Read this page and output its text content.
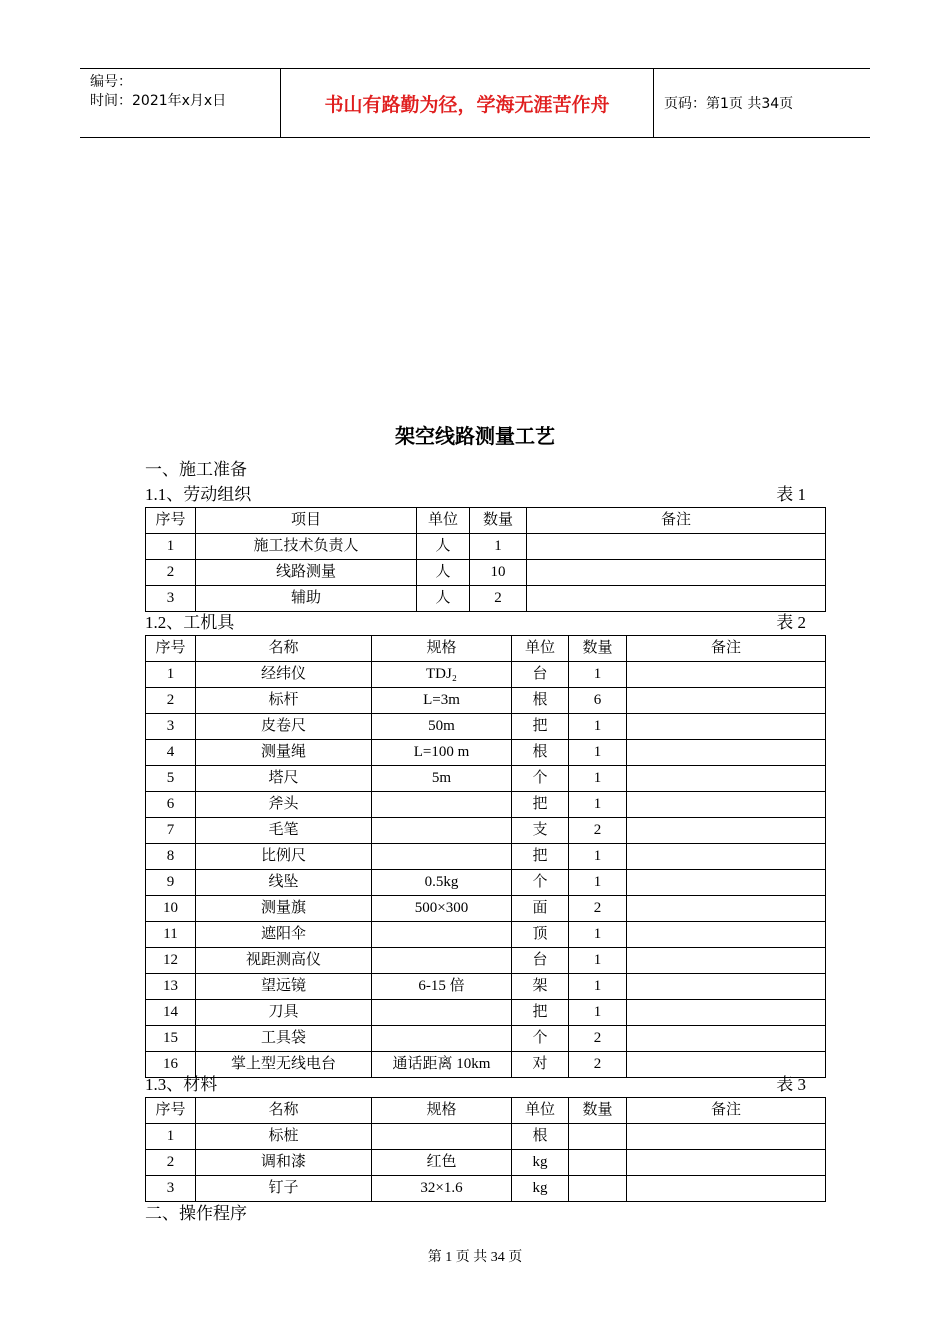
编号：
时间：2021年x月x日	书山有路勤为径，学海无涯苦作舟	页码：第1页 共34页
架空线路测量工艺
一、施工准备
1.1、劳动组织	表 1
序号	项目	单位	数量	备注
1	施工技术负责人	人	1	
2	线路测量	人	10	
3	辅助	人	2	
1.2、工机具	表 2
序号	名称	规格	单位	数量	备注
1	经纬仪	TDJ₂	台	1	
2	标杆	L=3m	根	6	
3	皮卷尺	50m	把	1	
4	测量绳	L=100 m	根	1	
5	塔尺	5m	个	1	
6	斧头		把	1	
7	毛笔		支	2	
8	比例尺		把	1	
9	线坠	0.5kg	个	1	
10	测量旗	500×300	面	2	
11	遮阳伞		顶	1	
12	视距测高仪		台	1	
13	望远镜	6-15 倍	架	1	
14	刀具		把	1	
15	工具袋		个	2	
16	掌上型无线电台	通话距离 10km	对	2	
1.3、材料	表 3
序号	名称	规格	单位	数量	备注
1	标桩		根		
2	调和漆	红色	kg		
3	钉子	32×1.6	kg		
二、操作程序
第 1 页 共 34 页
